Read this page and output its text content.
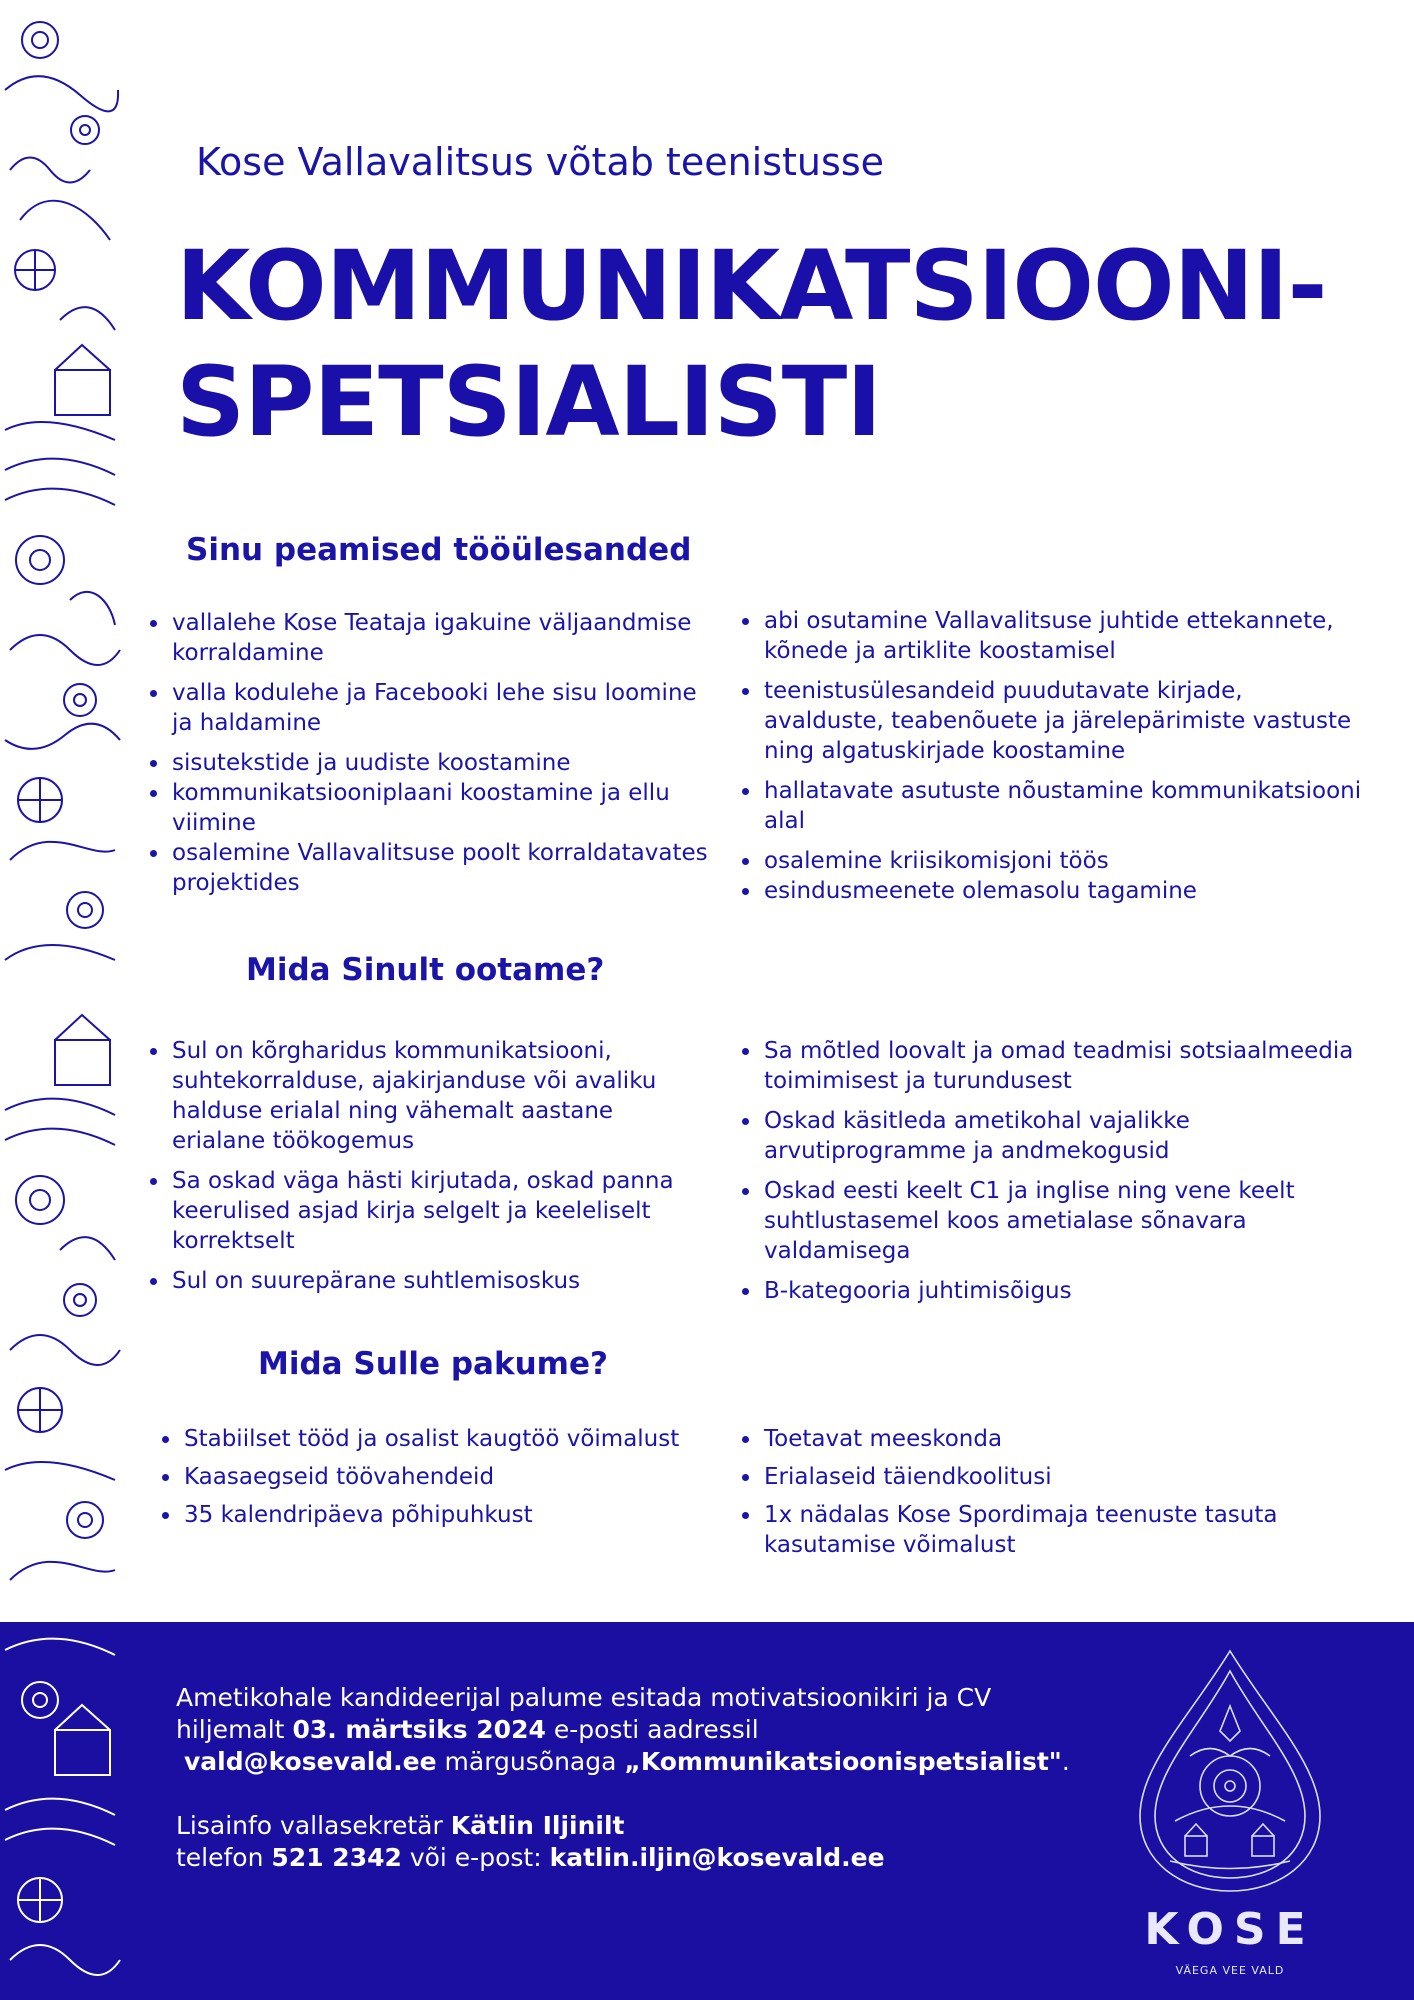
Kose Vallavalitsus võtab teenistusse
KOMMUNIKATSIOONI-
SPETSIALISTI
Sinu peamised tööülesanded
vallalehe Kose Teataja igakuine väljaandmise korraldamine
valla kodulehe ja Facebooki lehe sisu loomine ja haldamine
sisutekstide ja uudiste koostamine
kommunikatsiooniplaani koostamine ja ellu viimine
osalemine Vallavalitsuse poolt korraldatavates projektides
abi osutamine Vallavalitsuse juhtide ettekannete, kõnede ja artiklite koostamisel
teenistusülesandeid puudutavate kirjade, avalduste, teabenõuete ja järelepärimiste vastuste ning algatuskirjade koostamine
hallatavate asutuste nõustamine kommunikatsiooni alal
osalemine kriisikomisjoni töös
esindusmeenete olemasolu tagamine
Mida Sinult ootame?
Sul on kõrgharidus kommunikatsiooni, suhtekorralduse, ajakirjanduse või avaliku halduse erialal ning vähemalt aastane erialane töökogemus
Sa oskad väga hästi kirjutada, oskad panna keerulised asjad kirja selgelt ja keeleliselt korrektselt
Sul on suurepärane suhtlemisoskus
Sa mõtled loovalt ja omad teadmisi sotsiaalmeedia toimimisest ja turundusest
Oskad käsitleda ametikohal vajalikke arvutiprogramme ja andmekogusid
Oskad eesti keelt C1 ja inglise ning vene keelt suhtlustasemel koos ametialase sõnavara valdamisega
B-kategooria juhtimisõigus
Mida Sulle pakume?
Stabiilset tööd ja osalist kaugtöö võimalust
Kaasaegseid töövahendeid
35 kalendripäeva põhipuhkust
Toetavat meeskonda
Erialaseid täiendkoolitusi
1x nädalas Kose Spordimaja teenuste tasuta kasutamise võimalust
Ametikohale kandideerijal palume esitada motivatsioonikiri ja CV
hiljemalt 03. märtsiks 2024 e-posti aadressil
vald@kosevald.ee märgusõnaga „Kommunikatsioonispetsialist".
Lisainfo vallasekretär Kätlin Iljinilt
telefon 521 2342 või e-post: katlin.iljin@kosevald.ee
KOSE
VÄEGA VEE VALD
